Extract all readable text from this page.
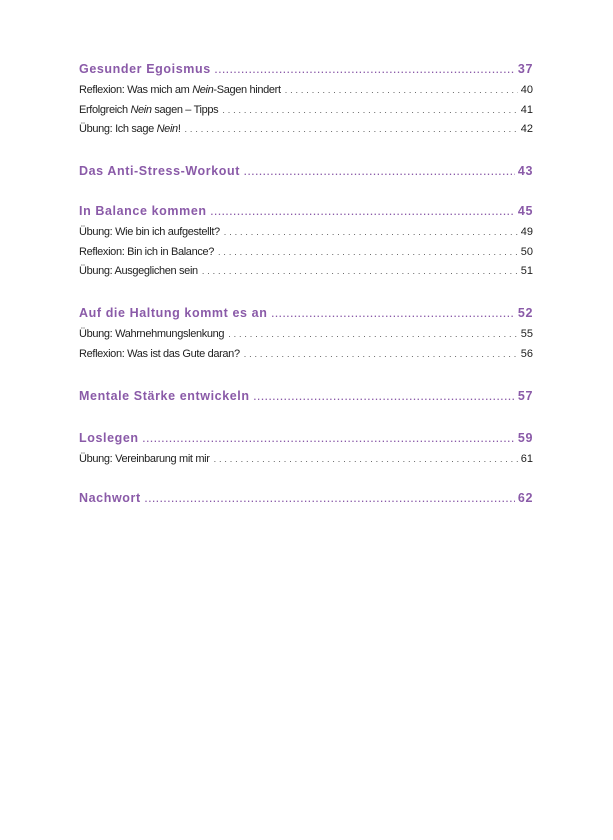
Gesunder Egoismus .....	37
Reflexion: Was mich am Nein-Sagen hindert . . .	40
Erfolgreich Nein sagen – Tipps . . .	41
Übung: Ich sage Nein! . . .	42
Das Anti-Stress-Workout .....	43
In Balance kommen .....	45
Übung: Wie bin ich aufgestellt? . . .	49
Reflexion: Bin ich in Balance? . . .	50
Übung: Ausgeglichen sein . . .	51
Auf die Haltung kommt es an .....	52
Übung: Wahrnehmungslenkung . . .	55
Reflexion: Was ist das Gute daran? . . .	56
Mentale Stärke entwickeln .....	57
Loslegen .....	59
Übung: Vereinbarung mit mir . . .	61
Nachwort .....	62
